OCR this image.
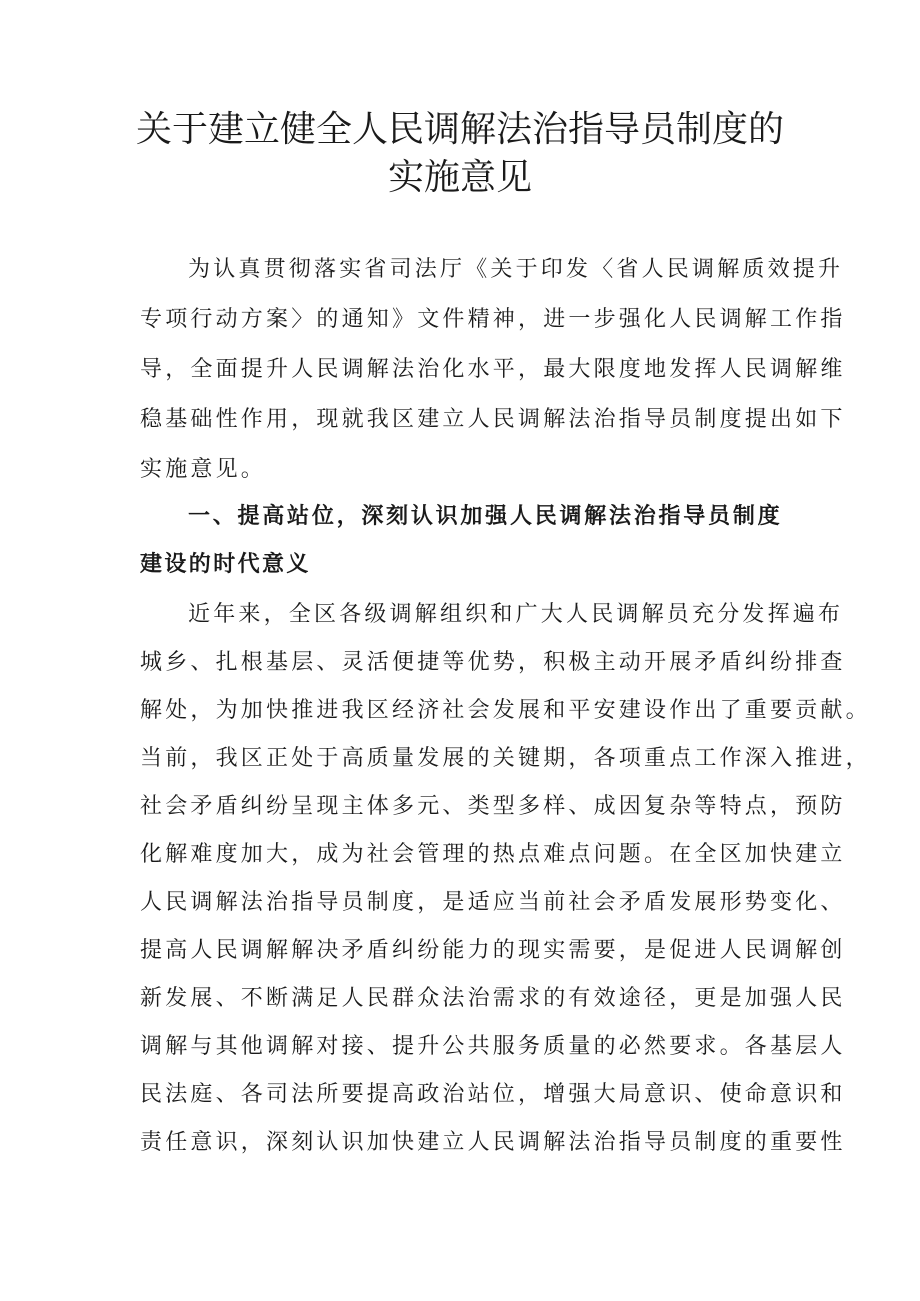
关于建立健全人民调解法治指导员制度的
实施意见
为认真贯彻落实省司法厅《关于印发〈省人民调解质效提升
专项行动方案〉的通知》文件精神，进一步强化人民调解工作指
导，全面提升人民调解法治化水平，最大限度地发挥人民调解维
稳基础性作用，现就我区建立人民调解法治指导员制度提出如下
实施意见。
一、提高站位，深刻认识加强人民调解法治指导员制度
建设的时代意义
近年来，全区各级调解组织和广大人民调解员充分发挥遍布
城乡、扎根基层、灵活便捷等优势，积极主动开展矛盾纠纷排查
解处，为加快推进我区经济社会发展和平安建设作出了重要贡献。
当前，我区正处于高质量发展的关键期，各项重点工作深入推进，
社会矛盾纠纷呈现主体多元、类型多样、成因复杂等特点，预防
化解难度加大，成为社会管理的热点难点问题。在全区加快建立
人民调解法治指导员制度，是适应当前社会矛盾发展形势变化、
提高人民调解解决矛盾纠纷能力的现实需要，是促进人民调解创
新发展、不断满足人民群众法治需求的有效途径，更是加强人民
调解与其他调解对接、提升公共服务质量的必然要求。各基层人
民法庭、各司法所要提高政治站位，增强大局意识、使命意识和
责任意识，深刻认识加快建立人民调解法治指导员制度的重要性
